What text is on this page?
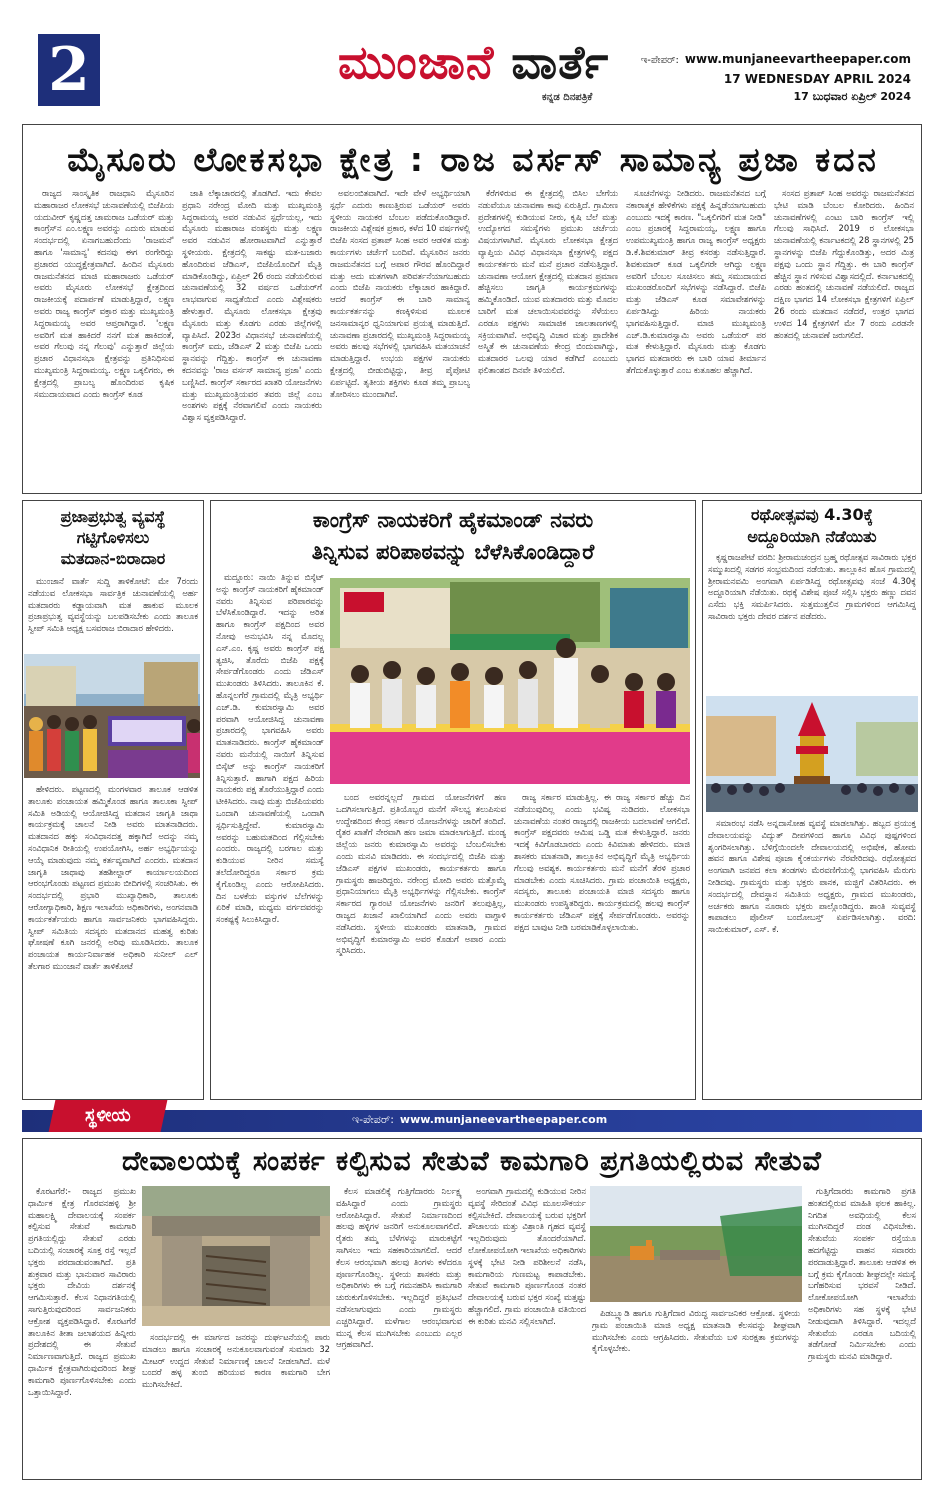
2	ಮುಂಜಾನೆ ವಾರ್ತೆ
ಕನ್ನಡ ದಿನಪತ್ರಿಕೆ
ಇ-ಪೇಪರ್: www.munjaneevartheepaper.com
17 WEDNESDAY APRIL 2024
17 ಬುಧವಾರ ಏಪ್ರಿಲ್ 2024
ಮೈಸೂರು ಲೋಕಸಭಾ ಕ್ಷೇತ್ರ : ರಾಜ ವರ್ಸಸ್ ಸಾಮಾನ್ಯ ಪ್ರಜಾ ಕದನ

ರಾಜ್ಯದ ಸಾಂಸ್ಕೃತಿಕ ರಾಜಧಾನಿ ಮೈಸೂರಿನ ಮಹಾರಾಜರ ಲೋಕಸಭೆ ಚುನಾವಣೆಯಲ್ಲಿ ಬಿಜೆಪಿಯ ಯದುವೀರ್ ಕೃಷ್ಣದತ್ತ ಚಾಮರಾಜ ಒಡೆಯರ್ ಮತ್ತು ಕಾಂಗ್ರೆಸ್‌ನ ಎಂ.ಲಕ್ಷ್ಮಣ ಅವರನ್ನು ಎದುರು ಮಾಡುವ ಸಂದರ್ಭದಲ್ಲಿ ಏನಾಗಬಹುದೆಂದು 'ರಾಜಮನೆ' ಹಾಗೂ 'ಸಾಮಾನ್ಯ' ಕದನವು ಈಗ ರಂಗೇರಿದ್ದು ಪ್ರಚಾರದ ಯುದ್ಧಕ್ಷೇತ್ರವಾಗಿದೆ. ಹಿಂದಿನ ಮೈಸೂರು ರಾಜಮನೆತನದ ಮಾಜಿ ಮಹಾರಾಜರು ಒಡೆಯರ್ ಅವರು ಮೈಸೂರು ಲೋಕಸಭೆ ಕ್ಷೇತ್ರದಿಂದ ರಾಜಕೀಯಕ್ಕೆ ಪದಾರ್ಪಣೆ ಮಾಡುತ್ತಿದ್ದಾರೆ, ಲಕ್ಷ್ಮಣ ಅವರು ರಾಜ್ಯ ಕಾಂಗ್ರೆಸ್ ವಕ್ತಾರ ಮತ್ತು ಮುಖ್ಯಮಂತ್ರಿ ಸಿದ್ದರಾಮಯ್ಯ ಅವರ ಆಪ್ತರಾಗಿದ್ದಾರೆ. 'ಲಕ್ಷ್ಮಣ ಅವರಿಗೆ ಮತ ಹಾಕಿದರೆ ನನಗೆ ಮತ ಹಾಕಿದಂತೆ, ಅವರ ಗೆಲುವು ನನ್ನ ಗೆಲುವು' ಎನ್ನುತ್ತಾರೆ ಜಿಲ್ಲೆಯ ಪ್ರಚಾರ ವಿಧಾನಸಭಾ ಕ್ಷೇತ್ರವನ್ನು ಪ್ರತಿನಿಧಿಸುವ ಮುಖ್ಯಮಂತ್ರಿ ಸಿದ್ದರಾಮಯ್ಯ. ಲಕ್ಷ್ಮಣ ಒಕ್ಕಲಿಗರು, ಈ ಕ್ಷೇತ್ರದಲ್ಲಿ ಪ್ರಾಬಲ್ಯ ಹೊಂದಿರುವ ಕೃಷಿಕ ಸಮುದಾಯವಾದ ಎಂದು ಕಾಂಗ್ರೆಸ್ ಕೂಡ

ಜಾತಿ ಲೆಕ್ಕಾಚಾರದಲ್ಲಿ ತೊಡಗಿದೆ. ಇದು ಕೇವಲ ಪ್ರಧಾನಿ ನರೇಂದ್ರ ಮೋದಿ ಮತ್ತು ಮುಖ್ಯಮಂತ್ರಿ ಸಿದ್ದರಾಮಯ್ಯ ಅವರ ನಡುವಿನ ಸ್ಪರ್ಧೆಯಲ್ಲ, ಇದು ಮೈಸೂರು ಮಹಾರಾಜ ವಂಶಸ್ಥರು ಮತ್ತು ಲಕ್ಷ್ಮಣ ಅವರ ನಡುವಿನ ಹೋರಾಟವಾಗಿದೆ ಎನ್ನುತ್ತಾರೆ ಸ್ಥಳೀಯರು. ಕ್ಷೇತ್ರದಲ್ಲಿ ಸಾಕಷ್ಟು ಮತ-ಬಜಾರು ಹೊಂದಿರುವ ಜೆಡಿಎಸ್, ಬಿಜೆಪಿಯೊಂದಿಗೆ ಮೈತ್ರಿ ಮಾಡಿಕೊಂಡಿದ್ದು, ಏಪ್ರಿಲ್ 26 ರಂದು ನಡೆಯಲಿರುವ ಚುನಾವಣೆಯಲ್ಲಿ 32 ವರ್ಷದ ಒಡೆಯರ್‌ಗೆ ಲಾಭವಾಗುವ ಸಾಧ್ಯತೆಯಿದೆ ಎಂದು ವಿಶ್ಲೇಷಕರು ಹೇಳುತ್ತಾರೆ. ಮೈಸೂರು ಲೋಕಸಭಾ ಕ್ಷೇತ್ರವು ಮೈಸೂರು ಮತ್ತು ಕೊಡಗು ಎರಡು ಜಿಲ್ಲೆಗಳಲ್ಲಿ ವ್ಯಾಪಿಸಿದೆ. 2023ರ ವಿಧಾನಸಭೆ ಚುನಾವಣೆಯಲ್ಲಿ ಕಾಂಗ್ರೆಸ್ ಐದು, ಜೆಡಿಎಸ್ 2 ಮತ್ತು ಬಿಜೆಪಿ ಒಂದು ಸ್ಥಾನವನ್ನು ಗೆದ್ದಿತ್ತು. ಕಾಂಗ್ರೆಸ್ ಈ ಚುನಾವಣಾ ಕದನವನ್ನು 'ರಾಜ ವರ್ಸಸ್ ಸಾಮಾನ್ಯ ಪ್ರಜಾ' ಎಂದು ಬಣ್ಣಿಸಿದೆ. ಕಾಂಗ್ರೆಸ್ ಸರ್ಕಾರದ ಖಾತರಿ ಯೋಜನೆಗಳು ಮತ್ತು ಮುಖ್ಯಮಂತ್ರಿಯವರ ತವರು ಜಿಲ್ಲೆ ಎಂಬ ಅಂಶಗಳು ಪಕ್ಷಕ್ಕೆ ನೆರವಾಗಲಿವೆ ಎಂದು ನಾಯಕರು ವಿಶ್ವಾಸ ವ್ಯಕ್ತಪಡಿಸಿದ್ದಾರೆ.

ಅವಲಂಬಿತವಾಗಿದೆ. ಇದೇ ವೇಳೆ ಅಭ್ಯರ್ಥಿಯಾಗಿ ಸ್ಪರ್ಧೆ ಎದುರು ಕಾಣುತ್ತಿರುವ ಒಡೆಯರ್ ಅವರು ಸ್ಥಳೀಯ ನಾಯಕರ ಬೆಂಬಲ ಪಡೆದುಕೊಂಡಿದ್ದಾರೆ. ರಾಜಕೀಯ ವಿಶ್ಲೇಷಕ ಪ್ರಕಾರ, ಕಳೆದ 10 ವರ್ಷಗಳಲ್ಲಿ ಬಿಜೆಪಿ ಸಂಸದ ಪ್ರತಾಪ್ ಸಿಂಹ ಅವರ ಆಡಳಿತ ಮತ್ತು ಕಾರ್ಯಗಳು ಚರ್ಚೆಗೆ ಬಂದಿವೆ. ಮೈಸೂರಿನ ಜನರು ರಾಜಮನೆತನದ ಬಗ್ಗೆ ಅಪಾರ ಗೌರವ ಹೊಂದಿದ್ದಾರೆ ಮತ್ತು ಅದು ಮತಗಳಾಗಿ ಪರಿವರ್ತನೆಯಾಗಬಹುದು ಎಂದು ಬಿಜೆಪಿ ನಾಯಕರು ಲೆಕ್ಕಾಚಾರ ಹಾಕಿದ್ದಾರೆ. ಆದರೆ ಕಾಂಗ್ರೆಸ್ ಈ ಬಾರಿ ಸಾಮಾನ್ಯ ಕಾರ್ಯಕರ್ತನನ್ನು ಕಣಕ್ಕಿಳಿಸುವ ಮೂಲಕ ಜನಸಾಮಾನ್ಯರ ಧ್ವನಿಯಾಗುವ ಪ್ರಯತ್ನ ಮಾಡುತ್ತಿದೆ. ಚುನಾವಣಾ ಪ್ರಚಾರದಲ್ಲಿ ಮುಖ್ಯಮಂತ್ರಿ ಸಿದ್ದರಾಮಯ್ಯ ಅವರು ಹಲವು ಸಭೆಗಳಲ್ಲಿ ಭಾಗವಹಿಸಿ ಮತಯಾಚನೆ ಮಾಡುತ್ತಿದ್ದಾರೆ. ಉಭಯ ಪಕ್ಷಗಳ ನಾಯಕರು ಕ್ಷೇತ್ರದಲ್ಲಿ ಬೀಡುಬಿಟ್ಟಿದ್ದು, ತೀವ್ರ ಪೈಪೋಟಿ ಏರ್ಪಟ್ಟಿದೆ. ತೃತೀಯ ಶಕ್ತಿಗಳು ಕೂಡ ತಮ್ಮ ಪ್ರಾಬಲ್ಯ ತೋರಿಸಲು ಮುಂದಾಗಿವೆ.

ಕೆರೆಗಳಿರುವ ಈ ಕ್ಷೇತ್ರದಲ್ಲಿ ಬಿಸಿಲ ಬೇಗೆಯ ನಡುವೆಯೂ ಚುನಾವಣಾ ಕಾವು ಏರುತ್ತಿದೆ. ಗ್ರಾಮೀಣ ಪ್ರದೇಶಗಳಲ್ಲಿ ಕುಡಿಯುವ ನೀರು, ಕೃಷಿ ಬೆಲೆ ಮತ್ತು ಉದ್ಯೋಗದ ಸಮಸ್ಯೆಗಳು ಪ್ರಮುಖ ಚರ್ಚೆಯ ವಿಷಯಗಳಾಗಿವೆ. ಮೈಸೂರು ಲೋಕಸಭಾ ಕ್ಷೇತ್ರದ ವ್ಯಾಪ್ತಿಯ ವಿವಿಧ ವಿಧಾನಸಭಾ ಕ್ಷೇತ್ರಗಳಲ್ಲಿ ಪಕ್ಷದ ಕಾರ್ಯಕರ್ತರು ಮನೆ ಮನೆ ಪ್ರಚಾರ ನಡೆಸುತ್ತಿದ್ದಾರೆ. ಚುನಾವಣಾ ಆಯೋಗ ಕ್ಷೇತ್ರದಲ್ಲಿ ಮತದಾನ ಪ್ರಮಾಣ ಹೆಚ್ಚಿಸಲು ಜಾಗೃತಿ ಕಾರ್ಯಕ್ರಮಗಳನ್ನು ಹಮ್ಮಿಕೊಂಡಿದೆ. ಯುವ ಮತದಾರರು ಮತ್ತು ಮೊದಲ ಬಾರಿಗೆ ಮತ ಚಲಾಯಿಸುವವರನ್ನು ಸೆಳೆಯಲು ಎರಡೂ ಪಕ್ಷಗಳು ಸಾಮಾಜಿಕ ಜಾಲತಾಣಗಳಲ್ಲಿ ಸಕ್ರಿಯವಾಗಿವೆ. ಅಭಿವೃದ್ಧಿ ವಿಚಾರ ಮತ್ತು ಪ್ರಾದೇಶಿಕ ಅಸ್ಮಿತೆ ಈ ಚುನಾವಣೆಯ ಕೇಂದ್ರ ಬಿಂದುವಾಗಿದ್ದು, ಮತದಾರರ ಒಲವು ಯಾರ ಕಡೆಗಿದೆ ಎಂಬುದು ಫಲಿತಾಂಶದ ದಿನವೇ ತಿಳಿಯಲಿದೆ.

ಸೂಚನೆಗಳನ್ನು ನೀಡಿದರು. ರಾಜಮನೆತನದ ಬಗ್ಗೆ ನಕಾರಾತ್ಮಕ ಹೇಳಿಕೆಗಳು ಪಕ್ಷಕ್ಕೆ ಹಿನ್ನಡೆಯಾಗಬಹುದು ಎಂಬುದು ಇದಕ್ಕೆ ಕಾರಣ. "ಒಕ್ಕಲಿಗರಿಗೆ ಮತ ನೀಡಿ" ಎಂಬ ಪ್ರಚಾರಕ್ಕೆ ಸಿದ್ದರಾಮಯ್ಯ, ಲಕ್ಷ್ಮಣ ಹಾಗೂ ಉಪಮುಖ್ಯಮಂತ್ರಿ ಹಾಗೂ ರಾಜ್ಯ ಕಾಂಗ್ರೆಸ್ ಅಧ್ಯಕ್ಷರು ಡಿ.ಕೆ.ಶಿವಕುಮಾರ್ ತೀವ್ರ ಕಸರತ್ತು ನಡೆಸುತ್ತಿದ್ದಾರೆ. ಶಿವಕುಮಾರ್ ಕೂಡ ಒಕ್ಕಲಿಗರೇ ಆಗಿದ್ದು ಲಕ್ಷ್ಮಣ ಅವರಿಗೆ ಬೆಂಬಲ ಸೂಚಿಸಲು ತಮ್ಮ ಸಮುದಾಯದ ಮುಖಂಡರೊಂದಿಗೆ ಸಭೆಗಳನ್ನು ನಡೆಸಿದ್ದಾರೆ. ಬಿಜೆಪಿ ಮತ್ತು ಜೆಡಿಎಸ್ ಕೂಡ ಸಮಾವೇಶಗಳನ್ನು ಏರ್ಪಡಿಸಿದ್ದು ಹಿರಿಯ ನಾಯಕರು ಭಾಗವಹಿಸುತ್ತಿದ್ದಾರೆ. ಮಾಜಿ ಮುಖ್ಯಮಂತ್ರಿ ಎಚ್.ಡಿ.ಕುಮಾರಸ್ವಾಮಿ ಅವರು ಒಡೆಯರ್ ಪರ ಮತ ಕೇಳುತ್ತಿದ್ದಾರೆ. ಮೈಸೂರು ಮತ್ತು ಕೊಡಗು ಭಾಗದ ಮತದಾರರು ಈ ಬಾರಿ ಯಾವ ತೀರ್ಮಾನ ತೆಗೆದುಕೊಳ್ಳುತ್ತಾರೆ ಎಂಬ ಕುತೂಹಲ ಹೆಚ್ಚಾಗಿದೆ.

ಸಂಸದ ಪ್ರತಾಪ್ ಸಿಂಹ ಅವರನ್ನು ರಾಜಮನೆತನದ ಭೇಟಿ ಮಾಡಿ ಬೆಂಬಲ ಕೋರಿದರು. ಹಿಂದಿನ ಚುನಾವಣೆಗಳಲ್ಲಿ ಎಂಟು ಬಾರಿ ಕಾಂಗ್ರೆಸ್ ಇಲ್ಲಿ ಗೆಲುವು ಸಾಧಿಸಿದೆ. 2019 ರ ಲೋಕಸಭಾ ಚುನಾವಣೆಯಲ್ಲಿ ಕರ್ನಾಟಕದಲ್ಲಿ 28 ಸ್ಥಾನಗಳಲ್ಲಿ 25 ಸ್ಥಾನಗಳನ್ನು ಬಿಜೆಪಿ ಗೆದ್ದುಕೊಂಡಿತ್ತು, ಅದರ ಮಿತ್ರ ಪಕ್ಷವು ಒಂದು ಸ್ಥಾನ ಗೆದ್ದಿತ್ತು. ಈ ಬಾರಿ ಕಾಂಗ್ರೆಸ್ ಹೆಚ್ಚಿನ ಸ್ಥಾನ ಗಳಿಸುವ ವಿಶ್ವಾಸದಲ್ಲಿದೆ. ಕರ್ನಾಟಕದಲ್ಲಿ ಎರಡು ಹಂತದಲ್ಲಿ ಚುನಾವಣೆ ನಡೆಯಲಿದೆ. ರಾಜ್ಯದ ದಕ್ಷಿಣ ಭಾಗದ 14 ಲೋಕಸಭಾ ಕ್ಷೇತ್ರಗಳಿಗೆ ಏಪ್ರಿಲ್ 26 ರಂದು ಮತದಾನ ನಡೆದರೆ, ಉತ್ತರ ಭಾಗದ ಉಳಿದ 14 ಕ್ಷೇತ್ರಗಳಿಗೆ ಮೇ 7 ರಂದು ಎರಡನೇ ಹಂತದಲ್ಲಿ ಚುನಾವಣೆ ಜರುಗಲಿದೆ.

ಪ್ರಜಾಪ್ರಭುತ್ವ ವ್ಯವಸ್ಥೆ
ಗಟ್ಟಿಗೊಳಿಸಲು
ಮತದಾನ-ಬಿರಾದಾರ

ಮುಂಜಾನೆ ವಾರ್ತೆ ಸುದ್ದಿ ತಾಳಿಕೋಟೆ: ಮೇ 7ರಂದು ನಡೆಯುವ ಲೋಕಸಭಾ ಸಾರ್ವತ್ರಿಕ ಚುನಾವಣೆಯಲ್ಲಿ ಅರ್ಹ ಮತದಾರರು ಕಡ್ಡಾಯವಾಗಿ ಮತ ಹಾಕುವ ಮೂಲಕ ಪ್ರಜಾಪ್ರಭುತ್ವ ವ್ಯವಸ್ಥೆಯನ್ನು ಬಲಪಡಿಸಬೇಕು ಎಂದು ತಾಲೂಕ ಸ್ವೀಪ್ ಸಮಿತಿ ಅಧ್ಯಕ್ಷ ಬಸವರಾಜ ಬಿರಾದಾರ ಹೇಳಿದರು.

ಹೇಳಿದರು. ಪಟ್ಟಣದಲ್ಲಿ ಮಂಗಳವಾರ ತಾಲೂಕ ಆಡಳಿತ ತಾಲೂಕು ಪಂಚಾಯತ ಹಮ್ಮಿಕೊಂಡ ಹಾಗೂ ತಾಲೂಕಾ ಸ್ವೀಪ್ ಸಮಿತಿ ಅಡಿಯಲ್ಲಿ ಆಯೋಜಿಸಿದ್ದ ಮತದಾನ ಜಾಗೃತಿ ಜಾಥಾ ಕಾರ್ಯಕ್ರಮಕ್ಕೆ ಚಾಲನೆ ನೀಡಿ ಅವರು ಮಾತನಾಡಿದರು. ಮತದಾನದ ಹಕ್ಕು ಸಂವಿಧಾನದತ್ತ ಹಕ್ಕಾಗಿದೆ ಅದನ್ನು ನಮ್ಮ ಸಂವಿಧಾನಿಕ ರೀತಿಯಲ್ಲಿ ಉಪಯೋಗಿಸಿ, ಅರ್ಹ ಅಭ್ಯರ್ಥಿಯನ್ನು ಆಯ್ಕೆ ಮಾಡುವುದು ನಮ್ಮ ಕರ್ತವ್ಯವಾಗಿದೆ ಎಂದರು. ಮತದಾನ ಜಾಗೃತಿ ಜಾಥಾವು ತಹಶೀಲ್ದಾರ್ ಕಾರ್ಯಾಲಯದಿಂದ ಆರಂಭಗೊಂಡು ಪಟ್ಟಣದ ಪ್ರಮುಖ ಬೀದಿಗಳಲ್ಲಿ ಸಂಚರಿಸಿತು. ಈ ಸಂದರ್ಭದಲ್ಲಿ ಪ್ರಭಾರಿ ಮುಖ್ಯಾಧಿಕಾರಿ, ತಾಲೂಕು ಆರೋಗ್ಯಾಧಿಕಾರಿ, ಶಿಕ್ಷಣ ಇಲಾಖೆಯ ಅಧಿಕಾರಿಗಳು, ಅಂಗನವಾಡಿ ಕಾರ್ಯಕರ್ತೆಯರು ಹಾಗೂ ಸಾರ್ವಜನಿಕರು ಭಾಗವಹಿಸಿದ್ದರು. ಸ್ವೀಪ್ ಸಮಿತಿಯ ಸದಸ್ಯರು ಮತದಾನದ ಮಹತ್ವ ಕುರಿತು ಘೋಷಣೆ ಕೂಗಿ ಜನರಲ್ಲಿ ಅರಿವು ಮೂಡಿಸಿದರು. ತಾಲೂಕ ಪಂಚಾಯತ ಕಾರ್ಯನಿರ್ವಾಹಕ ಅಧಿಕಾರಿ ಸುನೀಲ್ ಎಲ್ ತೆಲಗಾರ ಮುಂಜಾನೆ ವಾರ್ತೆ ತಾಳಿಕೋಟೆ

ಕಾಂಗ್ರೆಸ್ ನಾಯಕರಿಗೆ ಹೈಕಮಾಂಡ್ ನವರು
ತಿನ್ನಿಸುವ ಪರಿಪಾಠವನ್ನು ಬೆಳೆಸಿಕೊಂಡಿದ್ದಾರೆ

ಮದ್ದೂರು: ನಾಯಿ ತಿನ್ನುವ ಬಿಸ್ಕೆಟ್ ಅನ್ನು ಕಾಂಗ್ರೆಸ್ ನಾಯಕರಿಗೆ ಹೈಕಮಾಂಡ್ ನವರು ತಿನ್ನಿಸುವ ಪರಿಪಾಠವನ್ನು ಬೆಳೆಸಿಕೊಂಡಿದ್ದಾರೆ. ಇದನ್ನು ಅರಿತ ಹಾಗೂ ಕಾಂಗ್ರೆಸ್ ಪಕ್ಷದಿಂದ ಅವರ ನೋವು ಅನುಭವಿಸಿ ನನ್ನ ಮೊದಲ್ಲ ಎಸ್.ಎಂ. ಕೃಷ್ಣ ಅವರು ಕಾಂಗ್ರೆಸ್ ಪಕ್ಷ ತ್ಯಜಿಸಿ, ತೊರೆದು ಬಿಜೆಪಿ ಪಕ್ಷಕ್ಕೆ ಸೇರ್ಪಡೆಗೊಂಡರು ಎಂದು ಜೆಡಿಎಸ್ ಮುಖಂಡರು ತಿಳಿಸಿದರು. ತಾಲೂಕಿನ ಕೆ. ಹೊನ್ನಲಗೆರೆ ಗ್ರಾಮದಲ್ಲಿ ಮೈತ್ರಿ ಅಭ್ಯರ್ಥಿ ಎಚ್.ಡಿ. ಕುಮಾರಸ್ವಾಮಿ ಅವರ ಪರವಾಗಿ ಆಯೋಜಿಸಿದ್ದ ಚುನಾವಣಾ ಪ್ರಚಾರದಲ್ಲಿ ಭಾಗವಹಿಸಿ ಅವರು ಮಾತನಾಡಿದರು. ಕಾಂಗ್ರೆಸ್ ಹೈಕಮಾಂಡ್ ನವರು ಮನೆಯಲ್ಲಿ ನಾಯಿಗೆ ತಿನ್ನಿಸುವ ಬಿಸ್ಕೆಟ್ ಅನ್ನು ಕಾಂಗ್ರೆಸ್ ನಾಯಕರಿಗೆ ತಿನ್ನಿಸುತ್ತಾರೆ. ಹಾಗಾಗಿ ಪಕ್ಷದ ಹಿರಿಯ ನಾಯಕರು ಪಕ್ಷ ತೊರೆಯುತ್ತಿದ್ದಾರೆ ಎಂದು ಟೀಕಿಸಿದರು. ನಾವು ಮತ್ತು ಬಿಜೆಪಿಯವರು ಒಂದಾಗಿ ಚುನಾವಣೆಯಲ್ಲಿ ಒಂದಾಗಿ ಸ್ಪರ್ಧಿಸುತ್ತಿದ್ದೇವೆ. ಕುಮಾರಸ್ವಾಮಿ ಅವರನ್ನು ಬಹುಮತದಿಂದ ಗೆಲ್ಲಿಸಬೇಕು ಎಂದರು. ರಾಜ್ಯದಲ್ಲಿ ಬರಗಾಲ ಮತ್ತು ಕುಡಿಯುವ ನೀರಿನ ಸಮಸ್ಯೆ ತಲೆದೋರಿದ್ದರೂ ಸರ್ಕಾರ ಕ್ರಮ ಕೈಗೊಂಡಿಲ್ಲ ಎಂದು ಆರೋಪಿಸಿದರು. ದಿನ ಬಳಕೆಯ ವಸ್ತುಗಳ ಬೆಲೆಗಳನ್ನು ಏರಿಕೆ ಮಾಡಿ, ಮಧ್ಯಮ ವರ್ಗದವರನ್ನು ಸಂಕಷ್ಟಕ್ಕೆ ಸಿಲುಕಿಸಿದ್ದಾರೆ.

ಬಂದ ಅವರನ್ನಲ್ಲದೆ ಗ್ರಾಮದ ಯೋಜನೆಗಳಿಗೆ ಹಣ ಒದಗಿಸಲಾಗುತ್ತಿದೆ. ಪ್ರತಿಯೊಬ್ಬರ ಮನೆಗೆ ಸೌಲಭ್ಯ ತಲುಪಿಸುವ ಉದ್ದೇಶದಿಂದ ಕೇಂದ್ರ ಸರ್ಕಾರ ಯೋಜನೆಗಳನ್ನು ಜಾರಿಗೆ ತಂದಿದೆ. ರೈತರ ಖಾತೆಗೆ ನೇರವಾಗಿ ಹಣ ಜಮಾ ಮಾಡಲಾಗುತ್ತಿದೆ. ಮಂಡ್ಯ ಜಿಲ್ಲೆಯ ಜನರು ಕುಮಾರಸ್ವಾಮಿ ಅವರನ್ನು ಬೆಂಬಲಿಸಬೇಕು ಎಂದು ಮನವಿ ಮಾಡಿದರು. ಈ ಸಂದರ್ಭದಲ್ಲಿ ಬಿಜೆಪಿ ಮತ್ತು ಜೆಡಿಎಸ್ ಪಕ್ಷಗಳ ಮುಖಂಡರು, ಕಾರ್ಯಕರ್ತರು ಹಾಗೂ ಗ್ರಾಮಸ್ಥರು ಹಾಜರಿದ್ದರು. ನರೇಂದ್ರ ಮೋದಿ ಅವರು ಮತ್ತೊಮ್ಮೆ ಪ್ರಧಾನಿಯಾಗಲು ಮೈತ್ರಿ ಅಭ್ಯರ್ಥಿಗಳನ್ನು ಗೆಲ್ಲಿಸಬೇಕು. ಕಾಂಗ್ರೆಸ್ ಸರ್ಕಾರದ ಗ್ಯಾರಂಟಿ ಯೋಜನೆಗಳು ಜನರಿಗೆ ತಲುಪುತ್ತಿಲ್ಲ, ರಾಜ್ಯದ ಖಜಾನೆ ಖಾಲಿಯಾಗಿದೆ ಎಂದು ಅವರು ವಾಗ್ದಾಳಿ ನಡೆಸಿದರು. ಸ್ಥಳೀಯ ಮುಖಂಡರು ಮಾತನಾಡಿ, ಗ್ರಾಮದ ಅಭಿವೃದ್ಧಿಗೆ ಕುಮಾರಸ್ವಾಮಿ ಅವರ ಕೊಡುಗೆ ಅಪಾರ ಎಂದು ಸ್ಮರಿಸಿದರು.

ರಾಜ್ಯ ಸರ್ಕಾರ ಮಾಡುತ್ತಿಲ್ಲ. ಈ ರಾಜ್ಯ ಸರ್ಕಾರ ಹೆಚ್ಚು ದಿನ ನಡೆಯುವುದಿಲ್ಲ ಎಂದು ಭವಿಷ್ಯ ನುಡಿದರು. ಲೋಕಸಭಾ ಚುನಾವಣೆಯ ನಂತರ ರಾಜ್ಯದಲ್ಲಿ ರಾಜಕೀಯ ಬದಲಾವಣೆ ಆಗಲಿದೆ. ಕಾಂಗ್ರೆಸ್ ಪಕ್ಷದವರು ಆಮಿಷ ಒಡ್ಡಿ ಮತ ಕೇಳುತ್ತಿದ್ದಾರೆ. ಜನರು ಇದಕ್ಕೆ ಕಿವಿಗೊಡಬಾರದು ಎಂದು ಕಿವಿಮಾತು ಹೇಳಿದರು. ಮಾಜಿ ಶಾಸಕರು ಮಾತನಾಡಿ, ತಾಲ್ಲೂಕಿನ ಅಭಿವೃದ್ಧಿಗೆ ಮೈತ್ರಿ ಅಭ್ಯರ್ಥಿಯ ಗೆಲುವು ಅವಶ್ಯಕ. ಕಾರ್ಯಕರ್ತರು ಮನೆ ಮನೆಗೆ ತೆರಳಿ ಪ್ರಚಾರ ಮಾಡಬೇಕು ಎಂದು ಸೂಚಿಸಿದರು. ಗ್ರಾಮ ಪಂಚಾಯಿತಿ ಅಧ್ಯಕ್ಷರು, ಸದಸ್ಯರು, ತಾಲೂಕು ಪಂಚಾಯತಿ ಮಾಜಿ ಸದಸ್ಯರು ಹಾಗೂ ಮುಖಂಡರು ಉಪಸ್ಥಿತರಿದ್ದರು. ಕಾರ್ಯಕ್ರಮದಲ್ಲಿ ಹಲವು ಕಾಂಗ್ರೆಸ್ ಕಾರ್ಯಕರ್ತರು ಜೆಡಿಎಸ್ ಪಕ್ಷಕ್ಕೆ ಸೇರ್ಪಡೆಗೊಂಡರು. ಅವರನ್ನು ಪಕ್ಷದ ಬಾವುಟ ನೀಡಿ ಬರಮಾಡಿಕೊಳ್ಳಲಾಯಿತು.

ರಥೋತ್ಸವವು 4.30ಕ್ಕೆ
ಅದ್ದೂರಿಯಾಗಿ ನೆಡೆಯಿತು

ಕೃಷ್ಣರಾಜಪೇಟೆ ವರದಿ: ಶ್ರೀರಾಮಚಂದ್ರನ ಬ್ರಹ್ಮ ರಥೋತ್ಸವ ಸಾವಿರಾರು ಭಕ್ತರ ಸಮ್ಮುಖದಲ್ಲಿ ಸಡಗರ ಸಂಭ್ರಮದಿಂದ ನಡೆಯಿತು. ತಾಲ್ಲೂಕಿನ ಹೊಸ ಗ್ರಾಮದಲ್ಲಿ ಶ್ರೀರಾಮನವಮಿ ಅಂಗವಾಗಿ ಏರ್ಪಡಿಸಿದ್ದ ರಥೋತ್ಸವವು ಸಂಜೆ 4.30ಕ್ಕೆ ಅದ್ದೂರಿಯಾಗಿ ನೆಡೆಯಿತು. ರಥಕ್ಕೆ ವಿಶೇಷ ಪೂಜೆ ಸಲ್ಲಿಸಿ ಭಕ್ತರು ಹಣ್ಣು ದವನ ಎಸೆದು ಭಕ್ತಿ ಸಮರ್ಪಿಸಿದರು. ಸುತ್ತಮುತ್ತಲಿನ ಗ್ರಾಮಗಳಿಂದ ಆಗಮಿಸಿದ್ದ ಸಾವಿರಾರು ಭಕ್ತರು ದೇವರ ದರ್ಶನ ಪಡೆದರು.

ಸಮಾರಂಭ ನಡೆಸಿ ಅನ್ನದಾಸೋಹ ವ್ಯವಸ್ಥೆ ಮಾಡಲಾಗಿತ್ತು. ಹಬ್ಬದ ಪ್ರಯುಕ್ತ ದೇವಾಲಯವನ್ನು ವಿದ್ಯುತ್ ದೀಪಗಳಿಂದ ಹಾಗೂ ವಿವಿಧ ಪುಷ್ಪಗಳಿಂದ ಶೃಂಗರಿಸಲಾಗಿತ್ತು. ಬೆಳಿಗ್ಗೆಯಿಂದಲೇ ದೇವಾಲಯದಲ್ಲಿ ಅಭಿಷೇಕ, ಹೋಮ ಹವನ ಹಾಗೂ ವಿಶೇಷ ಪೂಜಾ ಕೈಂಕರ್ಯಗಳು ನೆರವೇರಿದವು. ರಥೋತ್ಸವದ ಅಂಗವಾಗಿ ಜನಪದ ಕಲಾ ತಂಡಗಳು ಮೆರವಣಿಗೆಯಲ್ಲಿ ಭಾಗವಹಿಸಿ ಮೆರುಗು ನೀಡಿದವು. ಗ್ರಾಮಸ್ಥರು ಮತ್ತು ಭಕ್ತರು ಪಾನಕ, ಮಜ್ಜಿಗೆ ವಿತರಿಸಿದರು. ಈ ಸಂದರ್ಭದಲ್ಲಿ ದೇವಸ್ಥಾನ ಸಮಿತಿಯ ಅಧ್ಯಕ್ಷರು, ಗ್ರಾಮದ ಮುಖಂಡರು, ಅರ್ಚಕರು ಹಾಗೂ ನೂರಾರು ಭಕ್ತರು ಪಾಲ್ಗೊಂಡಿದ್ದರು. ಶಾಂತಿ ಸುವ್ಯವಸ್ಥೆ ಕಾಪಾಡಲು ಪೊಲೀಸ್ ಬಂದೋಬಸ್ತ್ ಏರ್ಪಡಿಸಲಾಗಿತ್ತು. ವರದಿ: ಸಾಯಿಕುಮಾರ್, ಎಸ್. ಕೆ.

ಸ್ಥಳೀಯ	ಇ-ಪೇಪರ್: www.munjaneevartheepaper.com
ದೇವಾಲಯಕ್ಕೆ ಸಂಪರ್ಕ ಕಲ್ಪಿಸುವ ಸೇತುವೆ ಕಾಮಗಾರಿ ಪ್ರಗತಿಯಲ್ಲಿರುವ ಸೇತುವೆ

ಕೊರಟಗೆರೆ:- ರಾಜ್ಯದ ಪ್ರಮುಖ ಧಾರ್ಮಿಕ ಕ್ಷೇತ್ರ ಗೊರವನಹಳ್ಳಿ ಶ್ರೀ ಮಹಾಲಕ್ಷ್ಮಿ ದೇವಾಲಯಕ್ಕೆ ಸಂಪರ್ಕ ಕಲ್ಪಿಸುವ ಸೇತುವೆ ಕಾಮಗಾರಿ ಪ್ರಗತಿಯಲ್ಲಿದ್ದು ಸೇತುವೆ ಎರಡು ಬದಿಯಲ್ಲಿ ಸಂಚಾರಕ್ಕೆ ಸೂಕ್ತ ರಸ್ತೆ ಇಲ್ಲದೆ ಭಕ್ತರು ಪರದಾಡುವಂತಾಗಿದೆ. ಪ್ರತಿ ಶುಕ್ರವಾರ ಮತ್ತು ಭಾನುವಾರ ಸಾವಿರಾರು ಭಕ್ತರು ದೇವಿಯ ದರ್ಶನಕ್ಕೆ ಆಗಮಿಸುತ್ತಾರೆ. ಕೆಲಸ ನಿಧಾನಗತಿಯಲ್ಲಿ ಸಾಗುತ್ತಿರುವುದರಿಂದ ಸಾರ್ವಜನಿಕರು ಆಕ್ರೋಶ ವ್ಯಕ್ತಪಡಿಸಿದ್ದಾರೆ. ಕೊರಟಗೆರೆ ತಾಲೂಕಿನ ತೀತಾ ಜಲಾಶಯದ ಹಿನ್ನೀರು ಪ್ರದೇಶದಲ್ಲಿ ಈ ಸೇತುವೆ ನಿರ್ಮಾಣವಾಗುತ್ತಿದೆ. ರಾಜ್ಯದ ಪ್ರಮುಖ ಧಾರ್ಮಿಕ ಕ್ಷೇತ್ರವಾಗಿರುವುದರಿಂದ ಶೀಘ್ರ ಕಾಮಗಾರಿ ಪೂರ್ಣಗೊಳಿಸಬೇಕು ಎಂದು ಒತ್ತಾಯಿಸಿದ್ದಾರೆ.

ಸಂದರ್ಭದಲ್ಲಿ ಈ ಮಾರ್ಗದ ಜನರನ್ನು ದುರ್ಘಟನೆಯಲ್ಲಿ ಪಾರು ಮಾಡಲು ಹಾಗೂ ಸಂಚಾರಕ್ಕೆ ಅನುಕೂಲವಾಗುವಂತೆ ಸುಮಾರು 32 ಮೀಟರ್ ಉದ್ದದ ಸೇತುವೆ ನಿರ್ಮಾಣಕ್ಕೆ ಚಾಲನೆ ನೀಡಲಾಗಿದೆ. ಮಳೆ ಬಂದರೆ ಹಳ್ಳ ತುಂಬಿ ಹರಿಯುವ ಕಾರಣ ಕಾಮಗಾರಿ ಬೇಗ ಮುಗಿಸಬೇಕಿದೆ.

ಕೆಲಸ ಮಾಡಲಿಕ್ಕೆ ಗುತ್ತಿಗೆದಾರರು ನಿರ್ಲಕ್ಷ್ಯ ವಹಿಸಿದ್ದಾರೆ ಎಂದು ಗ್ರಾಮಸ್ಥರು ಆರೋಪಿಸಿದ್ದಾರೆ. ಸೇತುವೆ ನಿರ್ಮಾಣದಿಂದ ಹಲವು ಹಳ್ಳಿಗಳ ಜನರಿಗೆ ಅನುಕೂಲವಾಗಲಿದೆ. ರೈತರು ತಮ್ಮ ಬೆಳೆಗಳನ್ನು ಮಾರುಕಟ್ಟೆಗೆ ಸಾಗಿಸಲು ಇದು ಸಹಕಾರಿಯಾಗಲಿದೆ. ಆದರೆ ಕೆಲಸ ಆರಂಭವಾಗಿ ಹಲವು ತಿಂಗಳು ಕಳೆದರೂ ಪೂರ್ಣಗೊಂಡಿಲ್ಲ. ಸ್ಥಳೀಯ ಶಾಸಕರು ಮತ್ತು ಅಧಿಕಾರಿಗಳು ಈ ಬಗ್ಗೆ ಗಮನಹರಿಸಿ ಕಾಮಗಾರಿ ಚುರುಕುಗೊಳಿಸಬೇಕು. ಇಲ್ಲದಿದ್ದರೆ ಪ್ರತಿಭಟನೆ ನಡೆಸಲಾಗುವುದು ಎಂದು ಗ್ರಾಮಸ್ಥರು ಎಚ್ಚರಿಸಿದ್ದಾರೆ. ಮಳೆಗಾಲ ಆರಂಭವಾಗುವ ಮುನ್ನ ಕೆಲಸ ಮುಗಿಸಬೇಕು ಎಂಬುದು ಎಲ್ಲರ ಆಗ್ರಹವಾಗಿದೆ.

ಅಂಗವಾಗಿ ಗ್ರಾಮದಲ್ಲಿ ಕುಡಿಯುವ ನೀರಿನ ವ್ಯವಸ್ಥೆ ಸೇರಿದಂತೆ ವಿವಿಧ ಮೂಲಸೌಕರ್ಯ ಕಲ್ಪಿಸಬೇಕಿದೆ. ದೇವಾಲಯಕ್ಕೆ ಬರುವ ಭಕ್ತರಿಗೆ ಶೌಚಾಲಯ ಮತ್ತು ವಿಶ್ರಾಂತಿ ಗೃಹದ ವ್ಯವಸ್ಥೆ ಇಲ್ಲದಿರುವುದು ತೊಂದರೆಯಾಗಿದೆ. ಲೋಕೋಪಯೋಗಿ ಇಲಾಖೆಯ ಅಧಿಕಾರಿಗಳು ಸ್ಥಳಕ್ಕೆ ಭೇಟಿ ನೀಡಿ ಪರಿಶೀಲನೆ ನಡೆಸಿ, ಕಾಮಗಾರಿಯ ಗುಣಮಟ್ಟ ಕಾಪಾಡಬೇಕು. ಸೇತುವೆ ಕಾಮಗಾರಿ ಪೂರ್ಣಗೊಂಡ ನಂತರ ದೇವಾಲಯಕ್ಕೆ ಬರುವ ಭಕ್ತರ ಸಂಖ್ಯೆ ಮತ್ತಷ್ಟು ಹೆಚ್ಚಾಗಲಿದೆ. ಗ್ರಾಮ ಪಂಚಾಯಿತಿ ವತಿಯಿಂದ ಈ ಕುರಿತು ಮನವಿ ಸಲ್ಲಿಸಲಾಗಿದೆ.

ಪಿಡಬ್ಲ್ಯೂಡಿ ಹಾಗೂ ಗುತ್ತಿಗೆದಾರ ವಿರುದ್ಧ ಸಾರ್ವಜನಿಕರ ಆಕ್ರೋಶ. ಸ್ಥಳೀಯ ಗ್ರಾಮ ಪಂಚಾಯಿತಿ ಮಾಜಿ ಅಧ್ಯಕ್ಷ ಮಾತನಾಡಿ ಕೆಲಸವನ್ನು ಶೀಘ್ರವಾಗಿ ಮುಗಿಸಬೇಕು ಎಂದು ಆಗ್ರಹಿಸಿದರು. ಸೇತುವೆಯ ಬಳಿ ಸುರಕ್ಷತಾ ಕ್ರಮಗಳನ್ನು ಕೈಗೊಳ್ಳಬೇಕು.

ಗುತ್ತಿಗೆದಾರರು ಕಾಮಗಾರಿ ಪ್ರಗತಿ ಹಂತದಲ್ಲಿರುವ ಮಾಹಿತಿ ಫಲಕ ಹಾಕಿಲ್ಲ. ನಿಗದಿತ ಅವಧಿಯಲ್ಲಿ ಕೆಲಸ ಮುಗಿಸದಿದ್ದರೆ ದಂಡ ವಿಧಿಸಬೇಕು. ಸೇತುವೆಯ ಸಂಪರ್ಕ ರಸ್ತೆಯೂ ಹದಗೆಟ್ಟಿದ್ದು ವಾಹನ ಸವಾರರು ಪರದಾಡುತ್ತಿದ್ದಾರೆ. ತಾಲೂಕು ಆಡಳಿತ ಈ ಬಗ್ಗೆ ಕ್ರಮ ಕೈಗೊಂಡು ಶೀಘ್ರದಲ್ಲೇ ಸಮಸ್ಯೆ ಬಗೆಹರಿಸುವ ಭರವಸೆ ನೀಡಿದೆ. ಲೋಕೋಪಯೋಗಿ ಇಲಾಖೆಯ ಅಧಿಕಾರಿಗಳು ಸಹ ಸ್ಥಳಕ್ಕೆ ಭೇಟಿ ನೀಡುವುದಾಗಿ ತಿಳಿಸಿದ್ದಾರೆ. ಇದಲ್ಲದೆ ಸೇತುವೆಯ ಎರಡೂ ಬದಿಯಲ್ಲಿ ತಡೆಗೋಡೆ ನಿರ್ಮಿಸಬೇಕು ಎಂದು ಗ್ರಾಮಸ್ಥರು ಮನವಿ ಮಾಡಿದ್ದಾರೆ.
